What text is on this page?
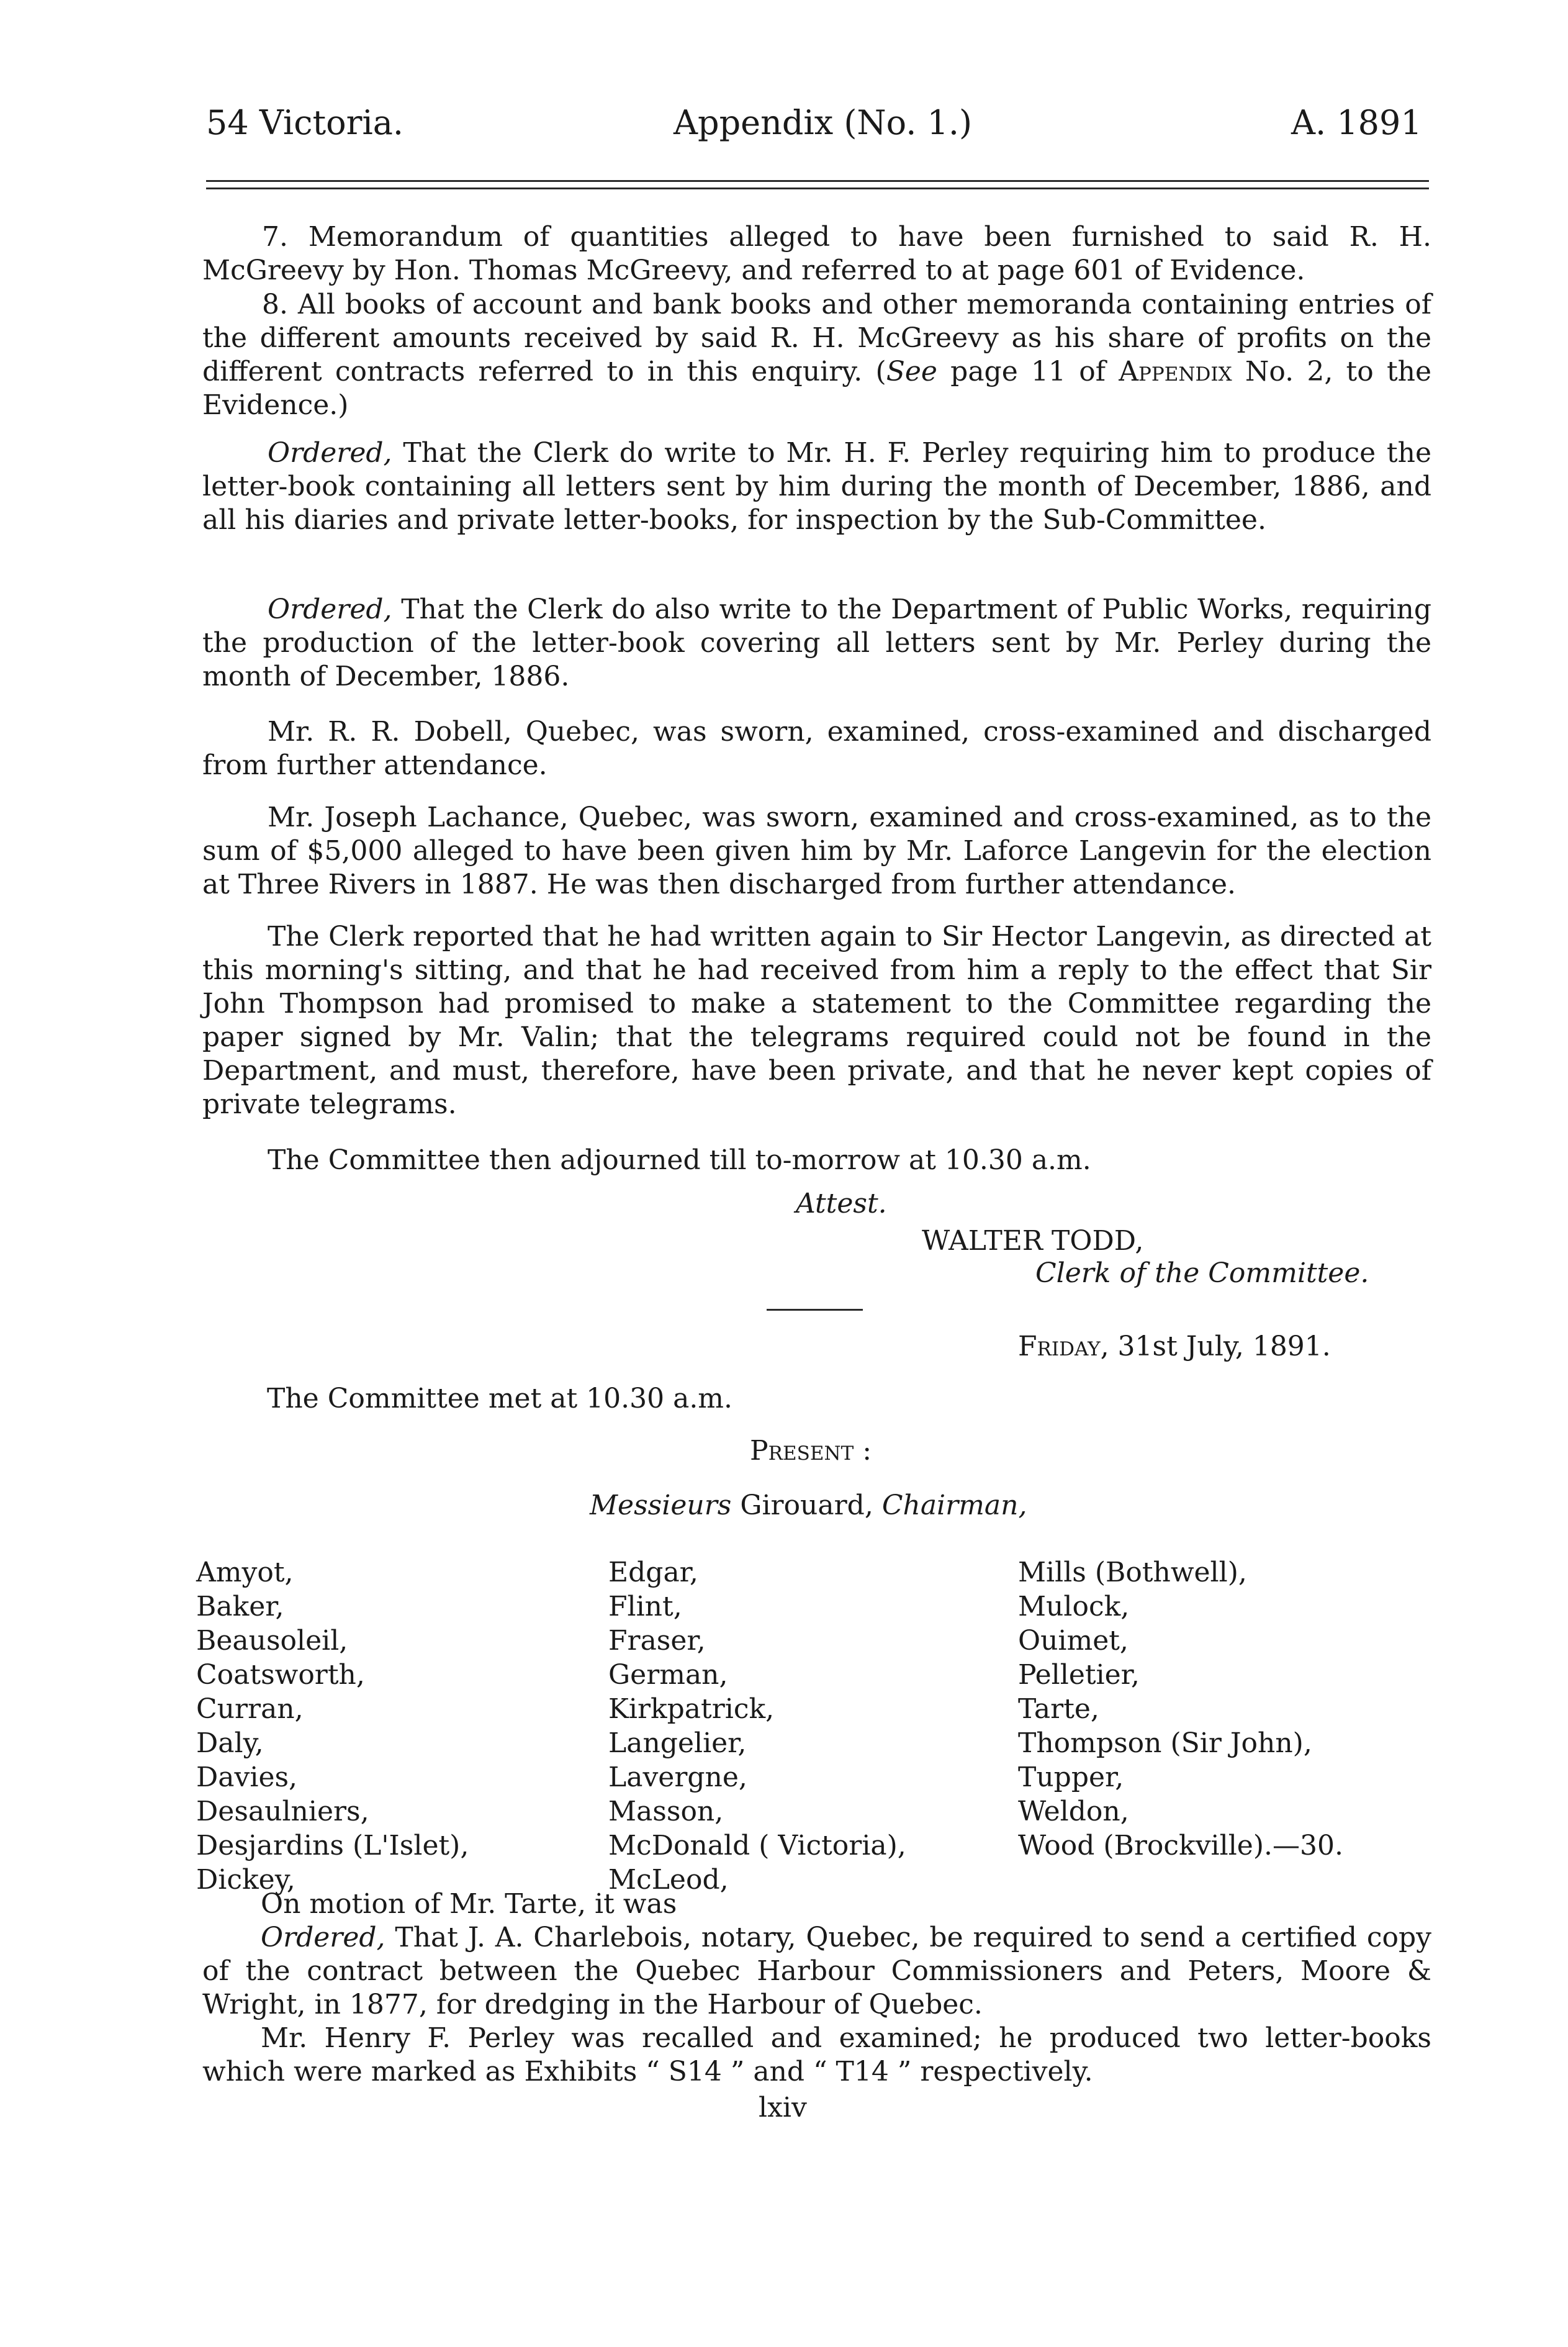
54 Victoria.	Appendix (No. 1.)	A. 1891
7. Memorandum of quantities alleged to have been furnished to said R. H. McGreevy by Hon. Thomas McGreevy, and referred to at page 601 of Evidence.
8. All books of account and bank books and other memoranda containing entries of the different amounts received by said R. H. McGreevy as his share of profits on the different contracts referred to in this enquiry. (See page 11 of Appendix No. 2, to the Evidence.)
Ordered, That the Clerk do write to Mr. H. F. Perley requiring him to produce the letter-book containing all letters sent by him during the month of December, 1886, and all his diaries and private letter-books, for inspection by the Sub-Committee.
Ordered, That the Clerk do also write to the Department of Public Works, requiring the production of the letter-book covering all letters sent by Mr. Perley during the month of December, 1886.
Mr. R. R. Dobell, Quebec, was sworn, examined, cross-examined and discharged from further attendance.
Mr. Joseph Lachance, Quebec, was sworn, examined and cross-examined, as to the sum of $5,000 alleged to have been given him by Mr. Laforce Langevin for the election at Three Rivers in 1887. He was then discharged from further attendance.
The Clerk reported that he had written again to Sir Hector Langevin, as directed at this morning's sitting, and that he had received from him a reply to the effect that Sir John Thompson had promised to make a statement to the Committee regarding the paper signed by Mr. Valin; that the telegrams required could not be found in the Department, and must, therefore, have been private, and that he never kept copies of private telegrams.
The Committee then adjourned till to-morrow at 10.30 a.m.
Attest.
WALTER TODD,
Clerk of the Committee.
Friday, 31st July, 1891.
The Committee met at 10.30 a.m.
Present :
Messieurs Girouard, Chairman,
Amyot,
Baker,
Beausoleil,
Coatsworth,
Curran,
Daly,
Davies,
Desaulniers,
Desjardins (L'Islet),
Dickey,
Edgar,
Flint,
Fraser,
German,
Kirkpatrick,
Langelier,
Lavergne,
Masson,
McDonald ( Victoria),
McLeod,
Mills (Bothwell),
Mulock,
Ouimet,
Pelletier,
Tarte,
Thompson (Sir John),
Tupper,
Weldon,
Wood (Brockville).—30.
On motion of Mr. Tarte, it was
Ordered, That J. A. Charlebois, notary, Quebec, be required to send a certified copy of the contract between the Quebec Harbour Commissioners and Peters, Moore & Wright, in 1877, for dredging in the Harbour of Quebec.
Mr. Henry F. Perley was recalled and examined; he produced two letter-books which were marked as Exhibits “ S14 ” and “ T14 ” respectively.
lxiv
